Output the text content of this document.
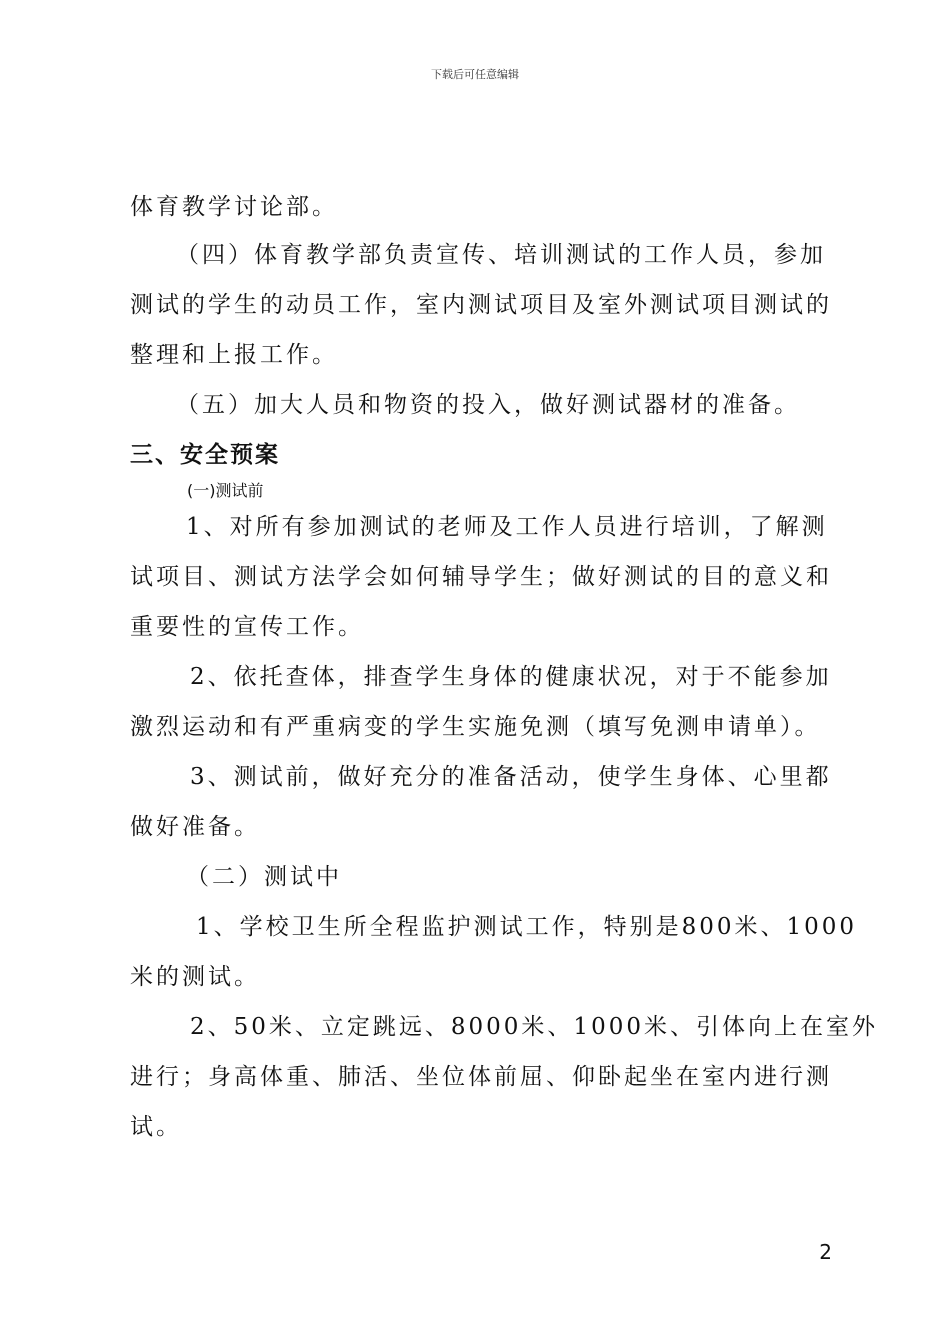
下载后可任意编辑
体育教学讨论部。
（四）体育教学部负责宣传、培训测试的工作人员，参加
测试的学生的动员工作，室内测试项目及室外测试项目测试的
整理和上报工作。
（五）加大人员和物资的投入，做好测试器材的准备。
三、安全预案
(一)测试前
1、对所有参加测试的老师及工作人员进行培训，了解测
试项目、测试方法学会如何辅导学生；做好测试的目的意义和
重要性的宣传工作。
2、依托查体，排查学生身体的健康状况，对于不能参加
激烈运动和有严重病变的学生实施免测（填写免测申请单）。
3、测试前，做好充分的准备活动，使学生身体、心里都
做好准备。
（二）测试中
1、学校卫生所全程监护测试工作，特别是800米、1000
米的测试。
2、50米、立定跳远、8000米、1000米、引体向上在室外
进行；身高体重、肺活、坐位体前屈、仰卧起坐在室内进行测
试。
2
